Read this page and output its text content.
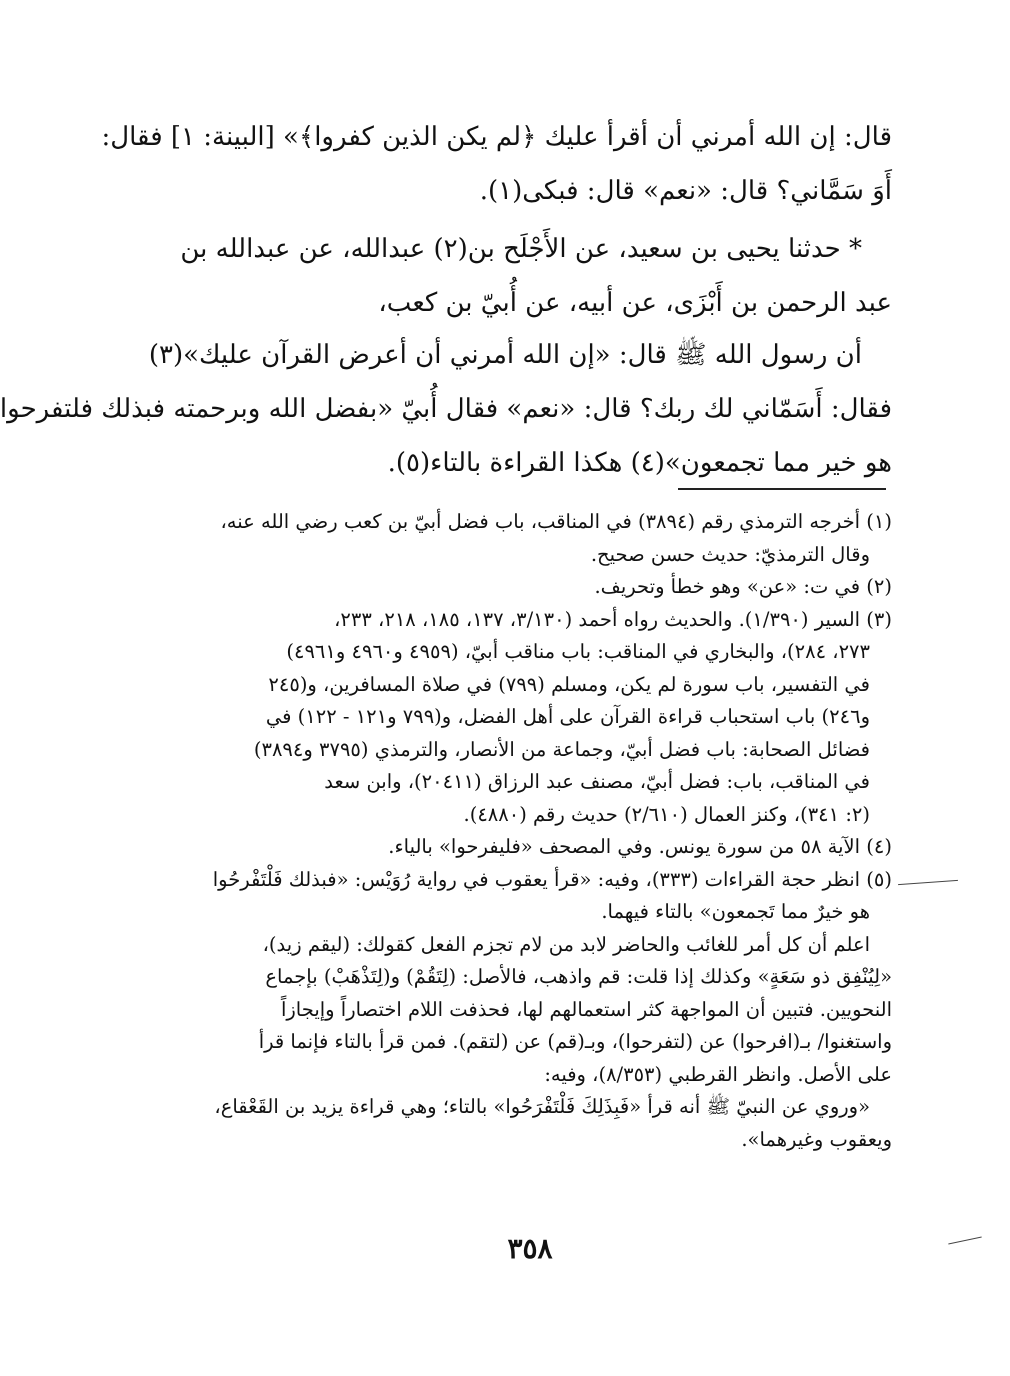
قال: إن الله أمرني أن أقرأ عليك ﴿لم يكن الذين كفروا﴾» [البينة: ١] فقال:
أَوَ سَمَّاني؟ قال: «نعم» قال: فبكى(١).
* حدثنا يحيى بن سعيد، عن الأَجْلَح بن(٢) عبدالله، عن عبدالله بن
عبد الرحمن بن أَبْزَى، عن أبيه، عن أُبيّ بن كعب،
أن رسول الله ﷺ قال: «إن الله أمرني أن أعرض القرآن عليك»(٣)
فقال: أَسَمّاني لك ربك؟ قال: «نعم» فقال أُبيّ «بفضل الله وبرحمته فبذلك فلتفرحوا
هو خير مما تجمعون»(٤) هكذا القراءة بالتاء(٥).
(١) أخرجه الترمذي رقم (٣٨٩٤) في المناقب، باب فضل أبيّ بن كعب رضي الله عنه،
وقال الترمذيّ: حديث حسن صحيح.
(٢) في ت: «عن» وهو خطأ وتحريف.
(٣) السير (١/٣٩٠). والحديث رواه أحمد (٣/١٣٠، ١٣٧، ١٨٥، ٢١٨، ٢٣٣،
٢٧٣، ٢٨٤)، والبخاري في المناقب: باب مناقب أبيّ، (٤٩٥٩ و٤٩٦٠ و٤٩٦١)
في التفسير، باب سورة لم يكن، ومسلم (٧٩٩) في صلاة المسافرين، و(٢٤٥
و٢٤٦) باب استحباب قراءة القرآن على أهل الفضل، و(٧٩٩ و١٢١ - ١٢٢) في
فضائل الصحابة: باب فضل أبيّ، وجماعة من الأنصار، والترمذي (٣٧٩٥ و٣٨٩٤)
في المناقب، باب: فضل أبيّ، مصنف عبد الرزاق (٢٠٤١١)، وابن سعد
(٢: ٣٤١)، وكنز العمال (٢/٦١٠) حديث رقم (٤٨٨٠).
(٤) الآية ٥٨ من سورة يونس. وفي المصحف «فليفرحوا» بالياء.
(٥) انظر حجة القراءات (٣٣٣)، وفيه: «قرأ يعقوب في رواية رُوَيْس: «فبذلك فَلْتَفْرحُوا
هو خيرٌ مما تَجمعون» بالتاء فيهما.
اعلم أن كل أمر للغائب والحاضر لابد من لام تجزم الفعل كقولك: (ليقم زيد)،
«لِيُنْفِق ذو سَعَةٍ» وكذلك إذا قلت: قم واذهب، فالأصل: (لِتَقُمْ) و(لِتَذْهَبْ) بإجماع
النحويين. فتبين أن المواجهة كثر استعمالهم لها، فحذفت اللام اختصاراً وإيجازاً
واستغنوا/ بـ(افرحوا) عن (لتفرحوا)، وبـ(قم) عن (لتقم). فمن قرأ بالتاء فإنما قرأ
على الأصل. وانظر القرطبي (٨/٣٥٣)، وفيه:
«وروي عن النبيّ ﷺ أنه قرأ «فَبِذَلِكَ فَلْتَفْرَحُوا» بالتاء؛ وهي قراءة يزيد بن القَعْقاع،
ويعقوب وغيرهما».
٣٥٨
